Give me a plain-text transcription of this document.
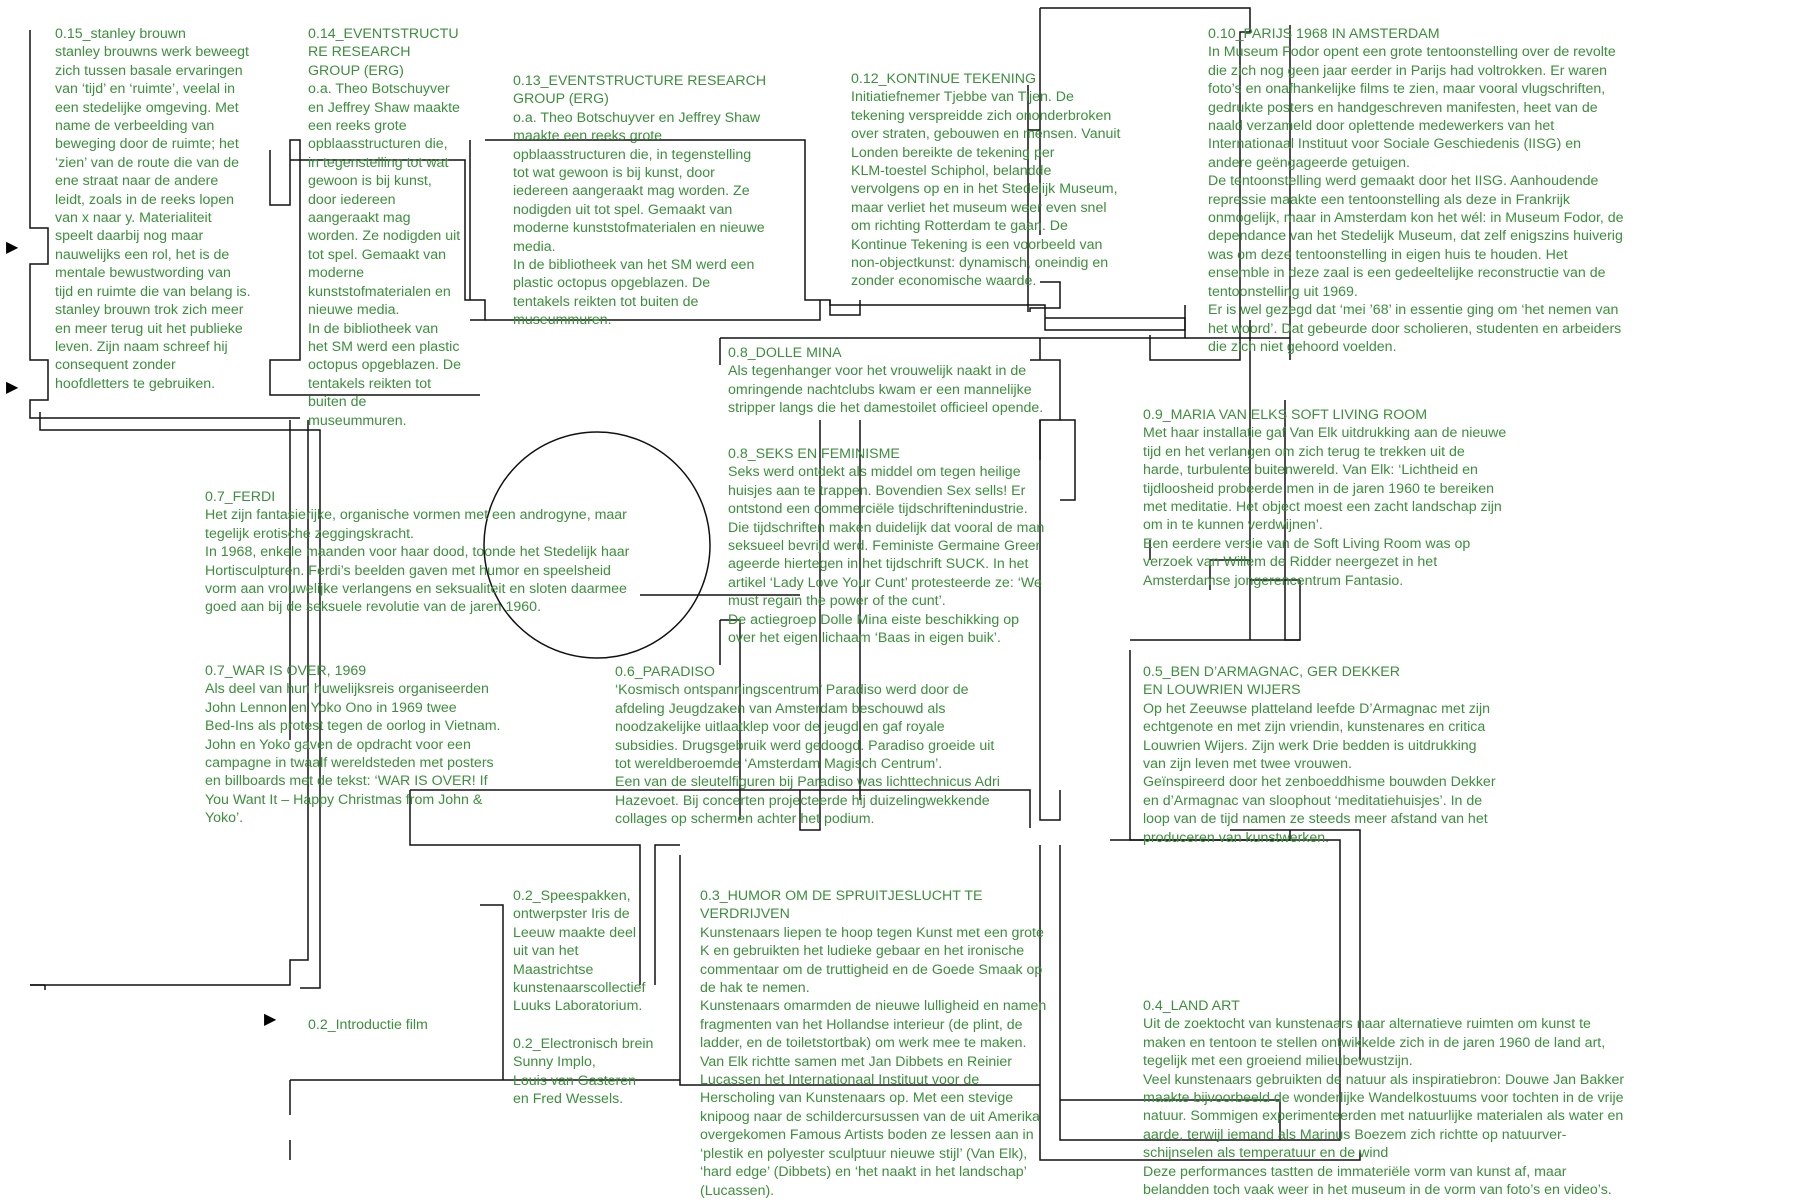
▶
▶
▶
0.15_stanley brouwn
stanley brouwns werk beweegt
zich tussen basale ervaringen
van ‘tijd’ en ‘ruimte’, veelal in
een stedelijke omgeving. Met
name de verbeelding van
beweging door de ruimte; het
‘zien’ van de route die van de
ene straat naar de andere
leidt, zoals in de reeks lopen
van x naar y. Materialiteit
speelt daarbij nog maar
nauwelijks een rol, het is de
mentale bewustwording van
tijd en ruimte die van belang is.
stanley brouwn trok zich meer
en meer terug uit het publieke
leven. Zijn naam schreef hij
consequent zonder
hoofdletters te gebruiken.
0.14_EVENTSTRUCTU
RE RESEARCH
GROUP (ERG)
o.a. Theo Botschuyver
en Jeffrey Shaw maakte
een reeks grote
opblaasstructuren die,
in tegenstelling tot wat
gewoon is bij kunst,
door iedereen
aangeraakt mag
worden. Ze nodigden uit
tot spel. Gemaakt van
moderne
kunststofmaterialen en
nieuwe media.
In de bibliotheek van
het SM werd een plastic
octopus opgeblazen. De
tentakels reikten tot
buiten de
museummuren.
0.13_EVENTSTRUCTURE RESEARCH
GROUP (ERG)
o.a. Theo Botschuyver en Jeffrey Shaw
maakte een reeks grote
opblaasstructuren die, in tegenstelling
tot wat gewoon is bij kunst, door
iedereen aangeraakt mag worden. Ze
nodigden uit tot spel. Gemaakt van
moderne kunststofmaterialen en nieuwe
media.
In de bibliotheek van het SM werd een
plastic octopus opgeblazen. De
tentakels reikten tot buiten de
museummuren.
0.12_KONTINUE TEKENING
Initiatiefnemer Tjebbe van Tijen. De
tekening verspreidde zich ononderbroken
over straten, gebouwen en mensen. Vanuit
Londen bereikte de tekening per
KLM-toestel Schiphol, belandde
vervolgens op en in het Stedelijk Museum,
maar verliet het museum weer even snel
om richting Rotterdam te gaan. De
Kontinue Tekening is een voorbeeld van
non-objectkunst: dynamisch, oneindig en
zonder economische waarde.
0.10_PARIJS 1968 IN AMSTERDAM
In Museum Fodor opent een grote tentoonstelling over de revolte
die zich nog geen jaar eerder in Parijs had voltrokken. Er waren
foto’s en onafhankelijke films te zien, maar vooral vlugschriften,
gedrukte posters en handgeschreven manifesten, heet van de
naald verzameld door oplettende medewerkers van het
Internationaal Instituut voor Sociale Geschiedenis (IISG) en
andere geëngageerde getuigen.
De tentoonstelling werd gemaakt door het IISG. Aanhoudende
repressie maakte een tentoonstelling als deze in Frankrijk
onmogelijk, maar in Amsterdam kon het wél: in Museum Fodor, de
dependance van het Stedelijk Museum, dat zelf enigszins huiverig
was om deze tentoonstelling in eigen huis te houden. Het
ensemble in deze zaal is een gedeeltelijke reconstructie van de
tentoonstelling uit 1969.
Er is wel gezegd dat ‘mei ’68’ in essentie ging om ‘het nemen van
het woord’. Dat gebeurde door scholieren, studenten en arbeiders
die zich niet gehoord voelden.
0.8_DOLLE MINA
Als tegenhanger voor het vrouwelijk naakt in de
omringende nachtclubs kwam er een mannelijke
stripper langs die het damestoilet officieel opende.
0.8_SEKS EN FEMINISME
Seks werd ontdekt als middel om tegen heilige
huisjes aan te trappen. Bovendien Sex sells! Er
ontstond een commerciële tijdschriftenindustrie.
Die tijdschriften maken duidelijk dat vooral de man
seksueel bevrijd werd. Feministe Germaine Greer
ageerde hiertegen in het tijdschrift SUCK. In het
artikel ‘Lady Love Your Cunt’ protesteerde ze: ‘We
must regain the power of the cunt’.
De actiegroep Dolle Mina eiste beschikking op
over het eigen lichaam ‘Baas in eigen buik’.
0.9_MARIA VAN ELKS SOFT LIVING ROOM
Met haar installatie gaf Van Elk uitdrukking aan de nieuwe
tijd en het verlangen om zich terug te trekken uit de
harde, turbulente buitenwereld. Van Elk: ‘Lichtheid en
tijdloosheid probeerde men in de jaren 1960 te bereiken
met meditatie. Het object moest een zacht landschap zijn
om in te kunnen verdwijnen’.
Een eerdere versie van de Soft Living Room was op
verzoek van Willem de Ridder neergezet in het
Amsterdamse jongerencentrum Fantasio.
0.7_FERDI
Het zijn fantasierijke, organische vormen met een androgyne, maar
tegelijk erotische zeggingskracht.
In 1968, enkele maanden voor haar dood, toonde het Stedelijk haar
Hortisculpturen. Ferdi’s beelden gaven met humor en speelsheid
vorm aan vrouwelijke verlangens en seksualiteit en sloten daarmee
goed aan bij de seksuele revolutie van de jaren 1960.
0.7_WAR IS OVER, 1969
Als deel van hun huwelijksreis organiseerden
John Lennon en Yoko Ono in 1969 twee
Bed-Ins als protest tegen de oorlog in Vietnam.
John en Yoko gaven de opdracht voor een
campagne in twaalf wereldsteden met posters
en billboards met de tekst: ‘WAR IS OVER! If
You Want It – Happy Christmas from John &
Yoko’.
0.6_PARADISO
‘Kosmisch ontspanningscentrum’ Paradiso werd door de
afdeling Jeugdzaken van Amsterdam beschouwd als
noodzakelijke uitlaatklep voor de jeugd en gaf royale
subsidies. Drugsgebruik werd gedoogd. Paradiso groeide uit
tot wereldberoemde ‘Amsterdam Magisch Centrum’.
Een van de sleutelfiguren bij Paradiso was lichttechnicus Adri
Hazevoet. Bij concerten projecteerde hij duizelingwekkende
collages op schermen achter het podium.
0.5_BEN D’ARMAGNAC, GER DEKKER
EN LOUWRIEN WIJERS
Op het Zeeuwse platteland leefde D’Armagnac met zijn
echtgenote en met zijn vriendin, kunstenares en critica
Louwrien Wijers. Zijn werk Drie bedden is uitdrukking
van zijn leven met twee vrouwen.
Geïnspireerd door het zenboeddhisme bouwden Dekker
en d’Armagnac van sloophout ‘meditatiehuisjes’. In de
loop van de tijd namen ze steeds meer afstand van het
produceren van kunstwerken.
0.2_Speespakken,
ontwerpster Iris de
Leeuw maakte deel
uit van het
Maastrichtse
kunstenaarscollectief
Luuks Laboratorium.
0.2_Electronisch brein
Sunny Implo,
Louis van Gasteren
en Fred Wessels.
0.2_Introductie film
0.3_HUMOR OM DE SPRUITJESLUCHT TE
VERDRIJVEN
Kunstenaars liepen te hoop tegen Kunst met een grote
K en gebruikten het ludieke gebaar en het ironische
commentaar om de truttigheid en de Goede Smaak op
de hak te nemen.
Kunstenaars omarmden de nieuwe lulligheid en namen
fragmenten van het Hollandse interieur (de plint, de
ladder, en de toiletstortbak) om werk mee te maken.
Van Elk richtte samen met Jan Dibbets en Reinier
Lucassen het Internationaal Instituut voor de
Herscholing van Kunstenaars op. Met een stevige
knipoog naar de schildercursussen van de uit Amerika
overgekomen Famous Artists boden ze lessen aan in
‘plestik en polyester sculptuur nieuwe stijl’ (Van Elk),
‘hard edge’ (Dibbets) en ‘het naakt in het landschap’
(Lucassen).
0.4_LAND ART
Uit de zoektocht van kunstenaars naar alternatieve ruimten om kunst te
maken en tentoon te stellen ontwikkelde zich in de jaren 1960 de land art,
tegelijk met een groeiend milieubewustzijn.
Veel kunstenaars gebruikten de natuur als inspiratiebron: Douwe Jan Bakker
maakte bijvoorbeeld de wonderlijke Wandelkostuums voor tochten in de vrije
natuur. Sommigen experimenteerden met natuurlijke materialen als water en
aarde, terwijl iemand als Marinus Boezem zich richtte op natuurver-
schijnselen als temperatuur en de wind
Deze performances tastten de immateriële vorm van kunst af, maar
belandden toch vaak weer in het museum in de vorm van foto’s en video’s.
